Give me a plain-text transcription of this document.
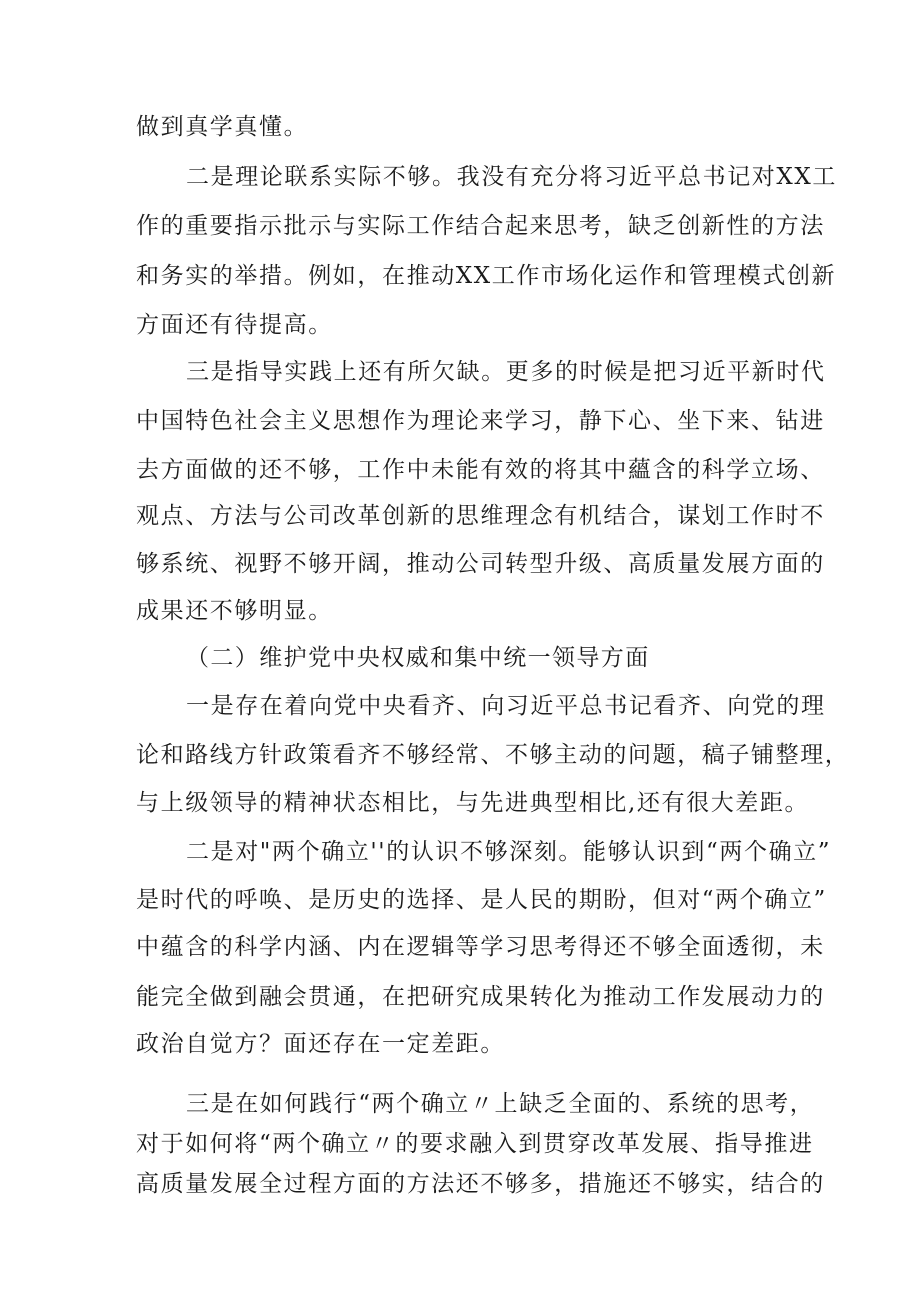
做到真学真懂。
二是理论联系实际不够。我没有充分将习近平总书记对XX工
作的重要指示批示与实际工作结合起来思考，缺乏创新性的方法
和务实的举措。例如，在推动XX工作市场化运作和管理模式创新
方面还有待提高。
三是指导实践上还有所欠缺。更多的时候是把习近平新时代
中国特色社会主义思想作为理论来学习，静下心、坐下来、钻进
去方面做的还不够，工作中未能有效的将其中蘊含的科学立场、
观点、方法与公司改革创新的思维理念有机结合，谋划工作时不
够系统、视野不够开阔，推动公司转型升级、高质量发展方面的
成果还不够明显。
（二）维护党中央权威和集中统一领导方面
一是存在着向党中央看齐、向习近平总书记看齐、向党的理
论和路线方针政策看齐不够经常、不够主动的问题，稿子铺整理，
与上级领导的精神状态相比，与先进典型相比,还有很大差距。
二是对"两个确立''的认识不够深刻。能够认识到“两个确立”
是时代的呼唤、是历史的选择、是人民的期盼，但对“两个确立”
中蕴含的科学内涵、内在逻辑等学习思考得还不够全面透彻，未
能完全做到融会贯通，在把研究成果转化为推动工作发展动力的
政治自觉方？面还存在一定差距。
三是在如何践行“两个确立〃上缺乏全面的、系统的思考，
对于如何将“两个确立〃的要求融入到贯穿改革发展、指导推进
高质量发展全过程方面的方法还不够多，措施还不够实，结合的
